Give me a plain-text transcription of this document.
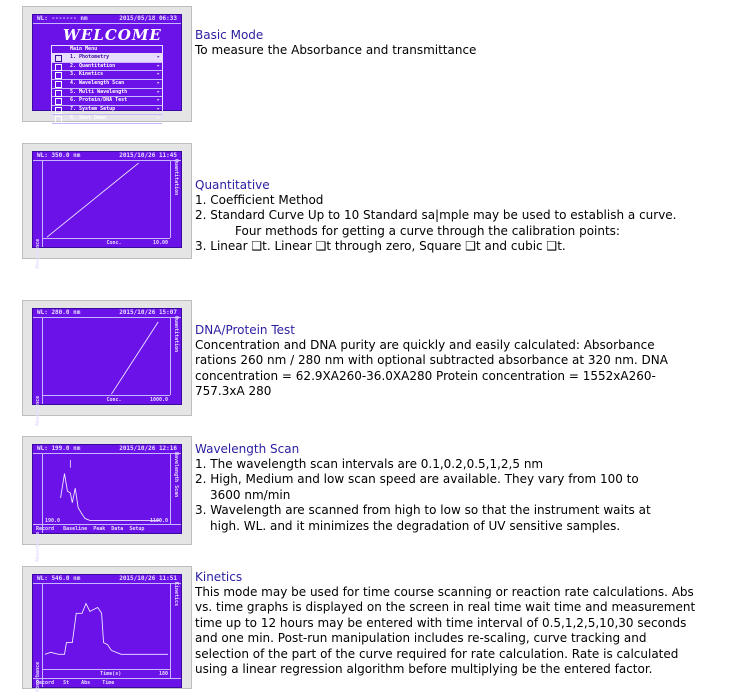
WL: ------- nm	2015/05/18 06:33
WELCOME
Main Menu
1. Photometry	▸
2. Quantitation	▸
3. Kinetics	▸
4. Wavelength Scan	▸
5. Multi Wavelength	▸
6. Protein/DNA Test	▸
7. System Setup	▸
8. Shut Down	▸
WL: 350.0 nm	2015/10/26 11:45
Absorbance
Quantitation
Conc.	10.00
WL: 280.0 nm	2015/10/26 15:07
Absorbance
Quantitation
Conc.	1000.0
WL: 199.0 nm	2015/10/26 12:16
Absorbance
Wavelength Scan
190.0	1100.0
Record   Baseline  Peak  Data  Setup
WL: 546.0 nm	2015/10/26 11:51
Absorbance
Kinetics
Time(s)	180
Record   St    Abs    Time
Basic Mode
To measure the Absorbance and transmittance
Quantitative

1. Coefficient Method

2. Standard Curve Up to 10 Standard sa|mple may be used to establish a curve.

Four methods for getting a curve through the calibration points:

3. Linear ❑t. Linear ❑t through zero, Square ❑t and cubic ❑t.

DNA/Protein Test
Concentration and DNA purity are quickly and easily calculated: Absorbance rations 260 nm / 280 nm with optional subtracted absorbance at 320 nm. DNA concentration = 62.9XA260-36.0XA280 Protein concentration = 1552xA260- 757.3xA 280
Wavelength Scan

1. The wavelength scan intervals are 0.1,0.2,0.5,1,2,5 nm

2. High, Medium and low scan speed are available. They vary from 100 to 3600 nm/min

3. Wavelength are scanned from high to low so that the instrument waits at high. WL. and it minimizes the degradation of UV sensitive samples.

Kinetics
This mode may be used for time course scanning or reaction rate calculations. Abs vs. time graphs is displayed on the screen in real time wait time and measurement time up to 12 hours may be entered with time interval of 0.5,1,2,5,10,30 seconds and one min. Post-run manipulation includes re-scaling, curve tracking and selection of the part of the curve required for rate calculation. Rate is calculated using a linear regression algorithm before multiplying be the entered factor.
